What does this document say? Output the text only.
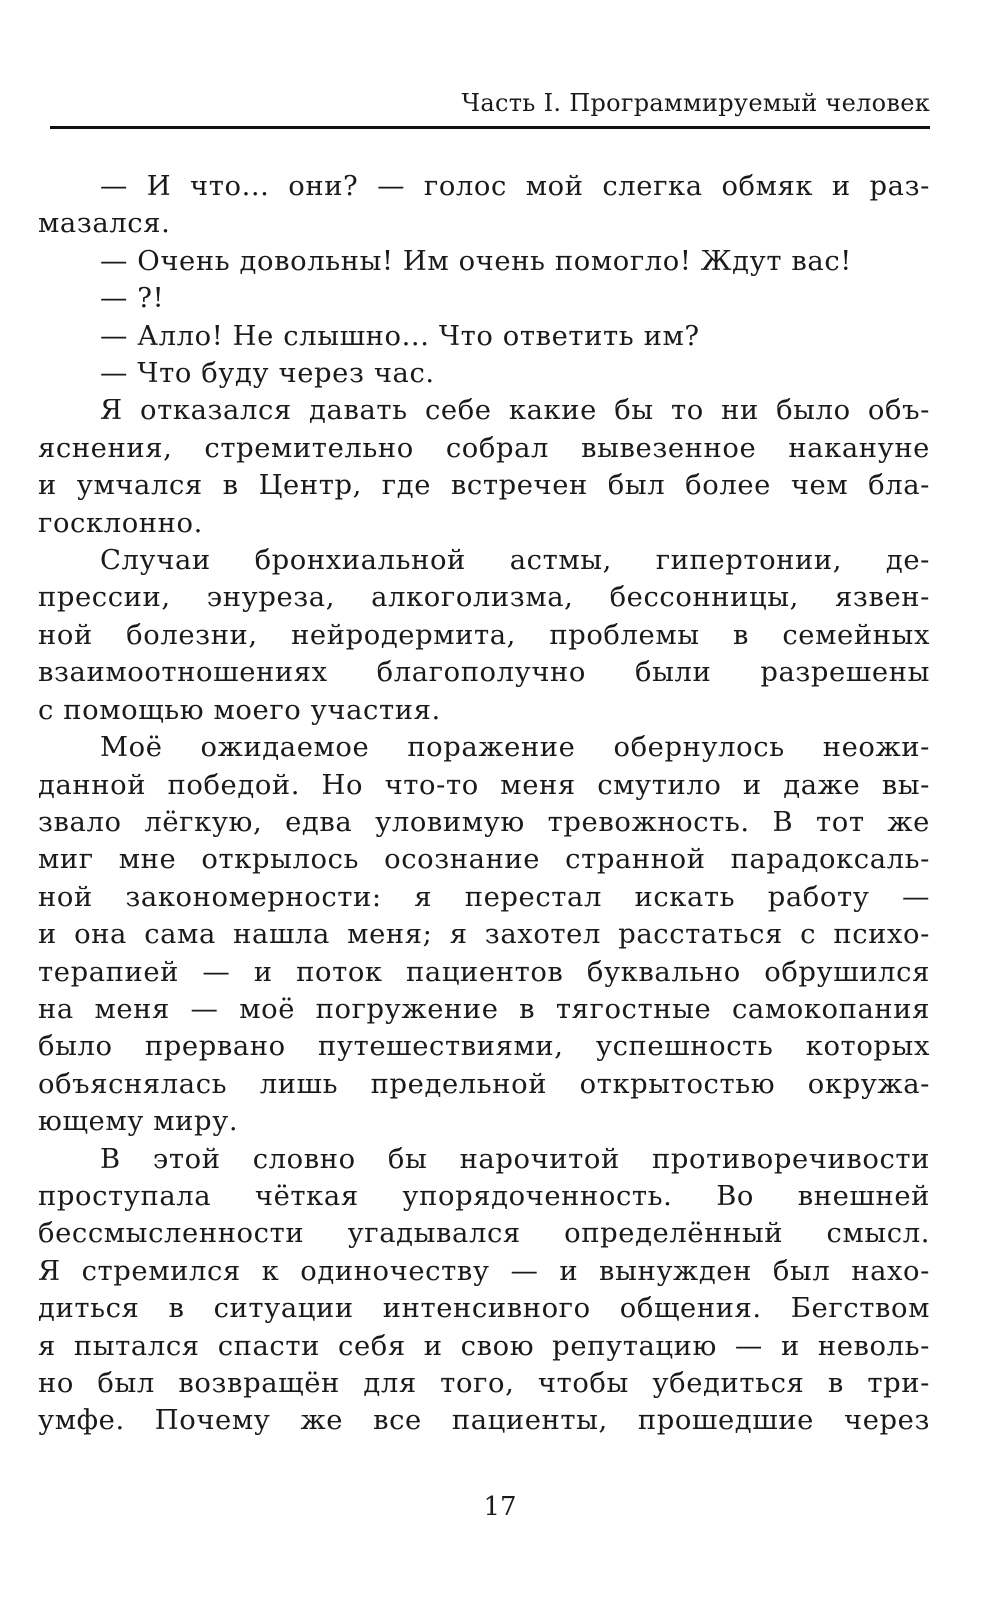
Часть I. Программируемый человек

— И что... они? — голос мой слегка обмяк и раз-
мазался.

— Очень довольны! Им очень помогло! Ждут вас!

— ?!

— Алло! Не слышно... Что ответить им?

— Что буду через час.

Я отказался давать себе какие бы то ни было объ-
яснения, стремительно собрал вывезенное накануне
и умчался в Центр, где встречен был более чем бла-
госклонно.

Случаи бронхиальной астмы, гипертонии, де-
прессии, энуреза, алкоголизма, бессонницы, язвен-
ной болезни, нейродермита, проблемы в семейных
взаимоотношениях благополучно были разрешены
с помощью моего участия.

Моё ожидаемое поражение обернулось неожи-
данной победой. Но что-то меня смутило и даже вы-
звало лёгкую, едва уловимую тревожность. В тот же
миг мне открылось осознание странной парадоксаль-
ной закономерности: я перестал искать работу —
и она сама нашла меня; я захотел расстаться с психо-
терапией — и поток пациентов буквально обрушился
на меня — моё погружение в тягостные самокопания
было прервано путешествиями, успешность которых
объяснялась лишь предельной открытостью окружа-
ющему миру.

В этой словно бы нарочитой противоречивости
проступала чёткая упорядоченность. Во внешней
бессмысленности угадывался определённый смысл.
Я стремился к одиночеству — и вынужден был нахо-
диться в ситуации интенсивного общения. Бегством
я пытался спасти себя и свою репутацию — и неволь-
но был возвращён для того, чтобы убедиться в три-
умфе. Почему же все пациенты, прошедшие через

17
